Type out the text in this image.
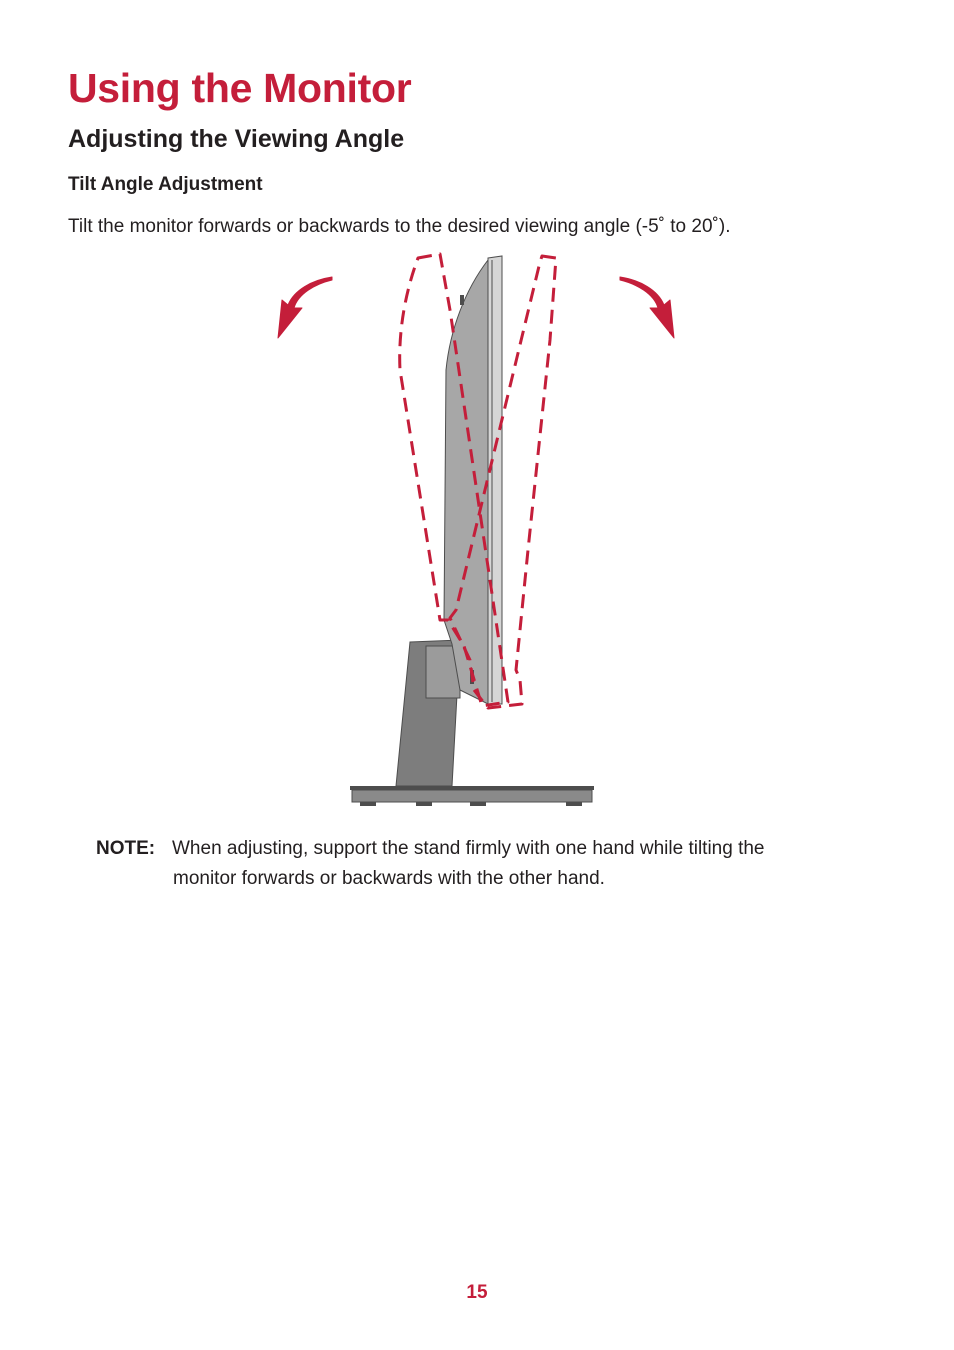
Using the Monitor
Adjusting the Viewing Angle
Tilt Angle Adjustment

Tilt the monitor forwards or backwards to the desired viewing angle (-5˚ to 20˚).

NOTE: When adjusting, support the stand firmly with one hand while tilting the
monitor forwards or backwards with the other hand.
15
